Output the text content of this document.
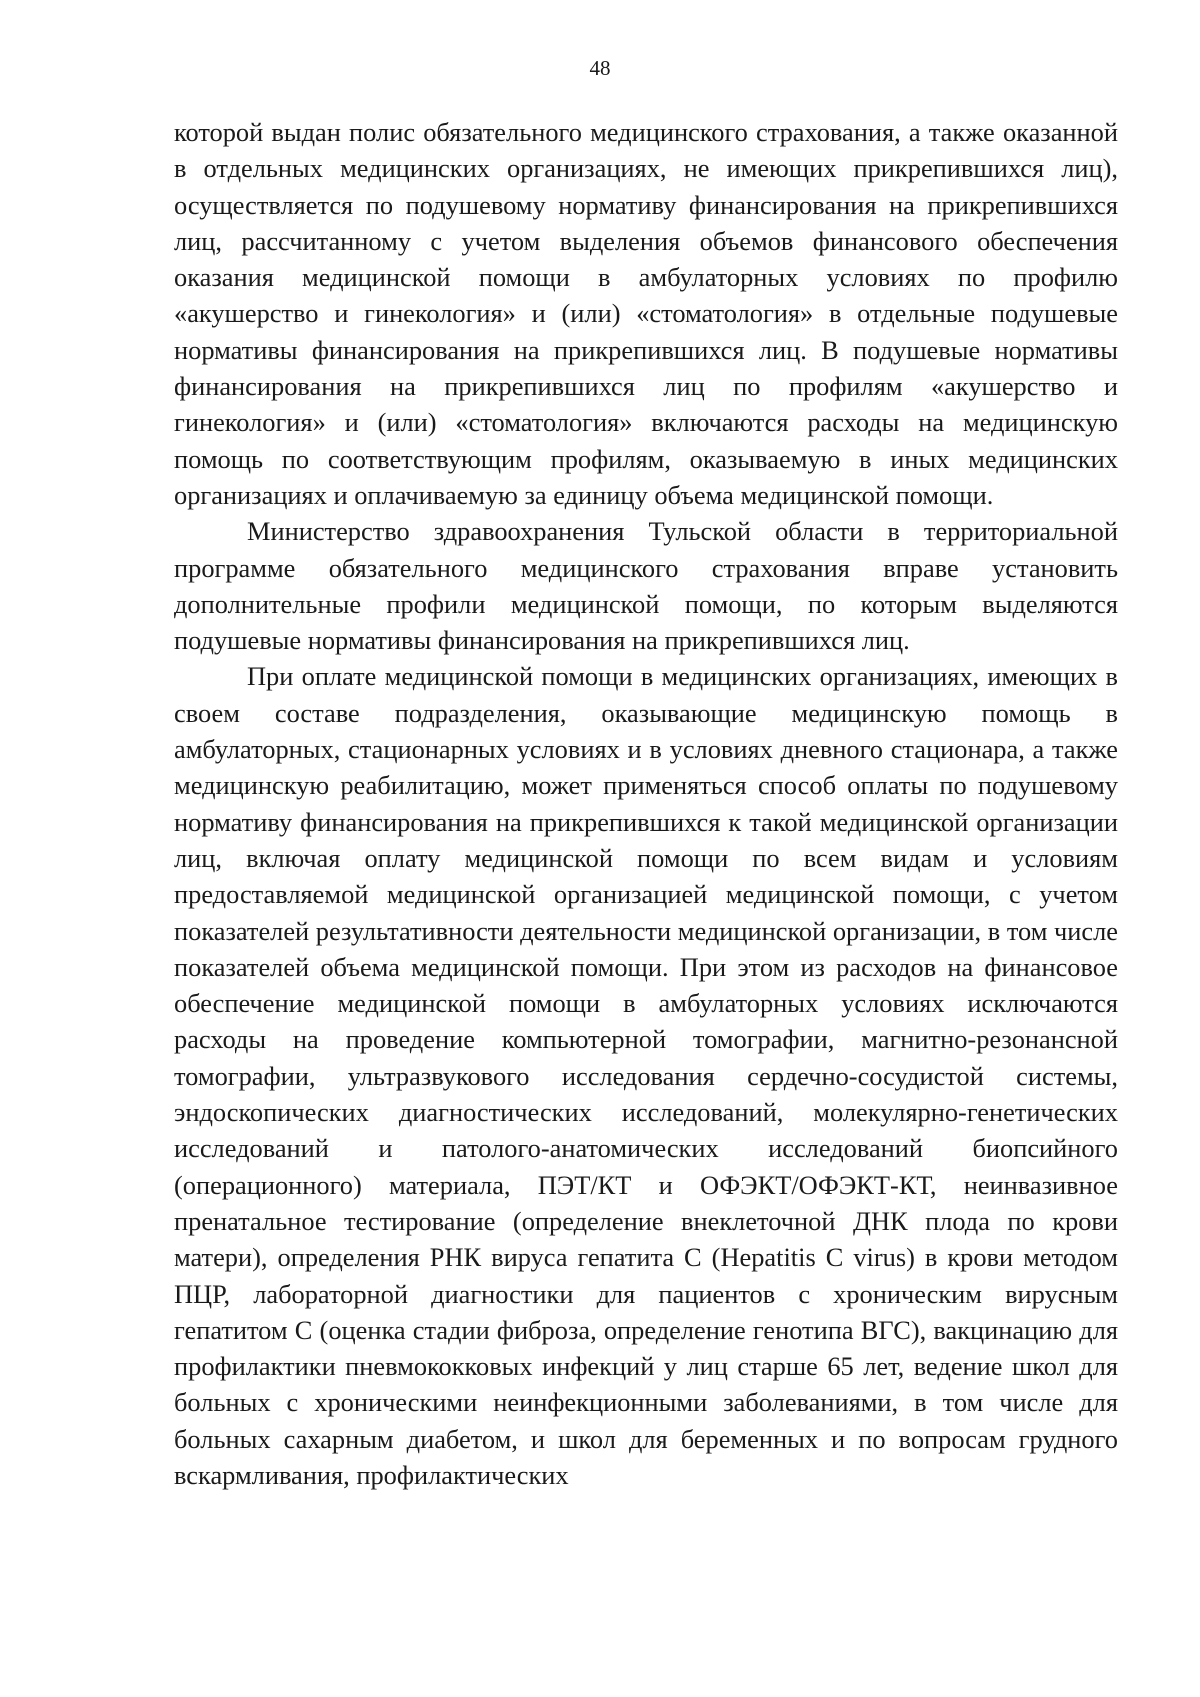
48

которой выдан полис обязательного медицинского страхования, а также оказанной в отдельных медицинских организациях, не имеющих прикрепившихся лиц), осуществляется по подушевому нормативу финансирования на прикрепившихся лиц, рассчитанному с учетом выделения объемов финансового обеспечения оказания медицинской помощи в амбулаторных условиях по профилю «акушерство и гинекология» и (или) «стоматология» в отдельные подушевые нормативы финансирования на прикрепившихся лиц. В подушевые нормативы финансирования на прикрепившихся лиц по профилям «акушерство и гинекология» и (или) «стоматология» включаются расходы на медицинскую помощь по соответствующим профилям, оказываемую в иных медицинских организациях и оплачиваемую за единицу объема медицинской помощи.

Министерство здравоохранения Тульской области в территориальной программе обязательного медицинского страхования вправе установить дополнительные профили медицинской помощи, по которым выделяются подушевые нормативы финансирования на прикрепившихся лиц.

При оплате медицинской помощи в медицинских организациях, имеющих в своем составе подразделения, оказывающие медицинскую помощь в амбулаторных, стационарных условиях и в условиях дневного стационара, а также медицинскую реабилитацию, может применяться способ оплаты по подушевому нормативу финансирования на прикрепившихся к такой медицинской организации лиц, включая оплату медицинской помощи по всем видам и условиям предоставляемой медицинской организацией медицинской помощи, с учетом показателей результативности деятельности медицинской организации, в том числе показателей объема медицинской помощи. При этом из расходов на финансовое обеспечение медицинской помощи в амбулаторных условиях исключаются расходы на проведение компьютерной томографии, магнитно-резонансной томографии, ультразвукового исследования сердечно-сосудистой системы, эндоскопических диагностических исследований, молекулярно-генетических исследований и патолого-анатомических исследований биопсийного (операционного) материала, ПЭТ/КТ и ОФЭКТ/ОФЭКТ-КТ, неинвазивное пренатальное тестирование (определение внеклеточной ДНК плода по крови матери), определения РНК вируса гепатита С (Hepatitis C virus) в крови методом ПЦР, лабораторной диагностики для пациентов с хроническим вирусным гепатитом С (оценка стадии фиброза, определение генотипа ВГС), вакцинацию для профилактики пневмококковых инфекций у лиц старше 65 лет, ведение школ для больных с хроническими неинфекционными заболеваниями, в том числе для больных сахарным диабетом, и школ для беременных и по вопросам грудного вскармливания, профилактических
